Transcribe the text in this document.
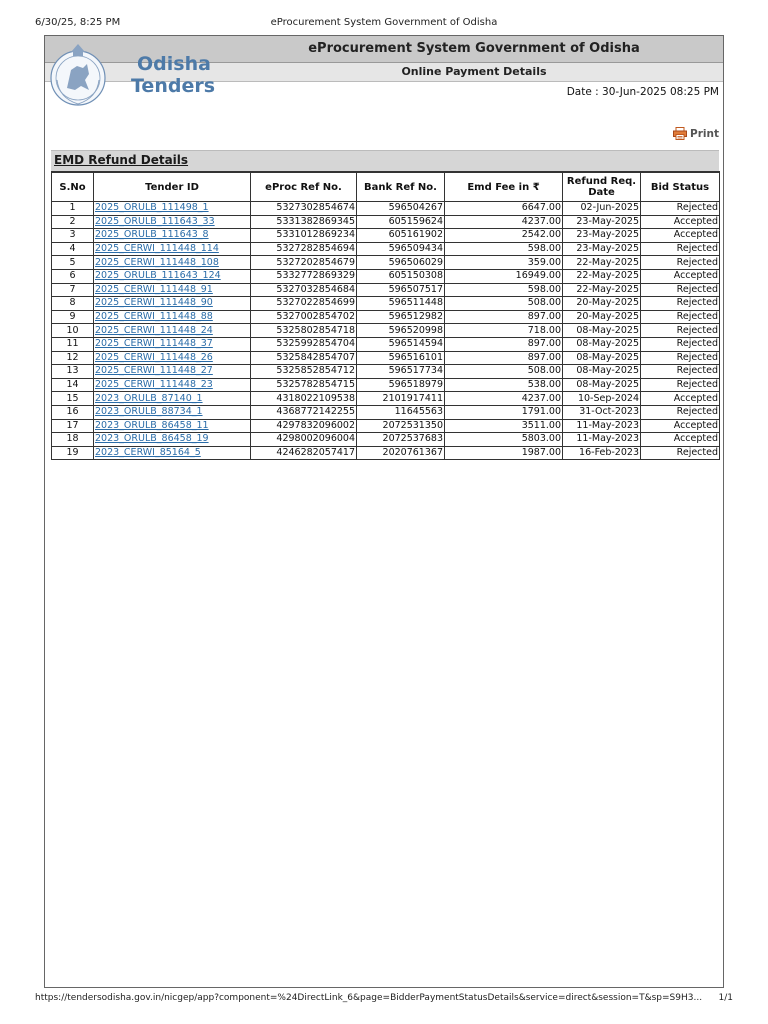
6/30/25, 8:25 PM	eProcurement System Government of Odisha
eProcurement System Government of Odisha
Online Payment Details
Odisha
Tenders	Date : 30-Jun-2025 08:25 PM
Print
EMD Refund Details
S.No	Tender ID	eProc Ref No.	Bank Ref No.	Emd Fee in ₹	Refund Req. Date	Bid Status
1	2025_ORULB_111498_1	5327302854674	596504267	6647.00	02-Jun-2025	Rejected
2	2025_ORULB_111643_33	5331382869345	605159624	4237.00	23-May-2025	Accepted
3	2025_ORULB_111643_8	5331012869234	605161902	2542.00	23-May-2025	Accepted
4	2025_CERWI_111448_114	5327282854694	596509434	598.00	23-May-2025	Rejected
5	2025_CERWI_111448_108	5327202854679	596506029	359.00	22-May-2025	Rejected
6	2025_ORULB_111643_124	5332772869329	605150308	16949.00	22-May-2025	Accepted
7	2025_CERWI_111448_91	5327032854684	596507517	598.00	22-May-2025	Rejected
8	2025_CERWI_111448_90	5327022854699	596511448	508.00	20-May-2025	Rejected
9	2025_CERWI_111448_88	5327002854702	596512982	897.00	20-May-2025	Rejected
10	2025_CERWI_111448_24	5325802854718	596520998	718.00	08-May-2025	Rejected
11	2025_CERWI_111448_37	5325992854704	596514594	897.00	08-May-2025	Rejected
12	2025_CERWI_111448_26	5325842854707	596516101	897.00	08-May-2025	Rejected
13	2025_CERWI_111448_27	5325852854712	596517734	508.00	08-May-2025	Rejected
14	2025_CERWI_111448_23	5325782854715	596518979	538.00	08-May-2025	Rejected
15	2023_ORULB_87140_1	4318022109538	2101917411	4237.00	10-Sep-2024	Accepted
16	2023_ORULB_88734_1	4368772142255	11645563	1791.00	31-Oct-2023	Rejected
17	2023_ORULB_86458_11	4297832096002	2072531350	3511.00	11-May-2023	Accepted
18	2023_ORULB_86458_19	4298002096004	2072537683	5803.00	11-May-2023	Accepted
19	2023_CERWI_85164_5	4246282057417	2020761367	1987.00	16-Feb-2023	Rejected
https://tendersodisha.gov.in/nicgep/app?component=%24DirectLink_6&page=BidderPaymentStatusDetails&service=direct&session=T&sp=S9H3...	1/1
